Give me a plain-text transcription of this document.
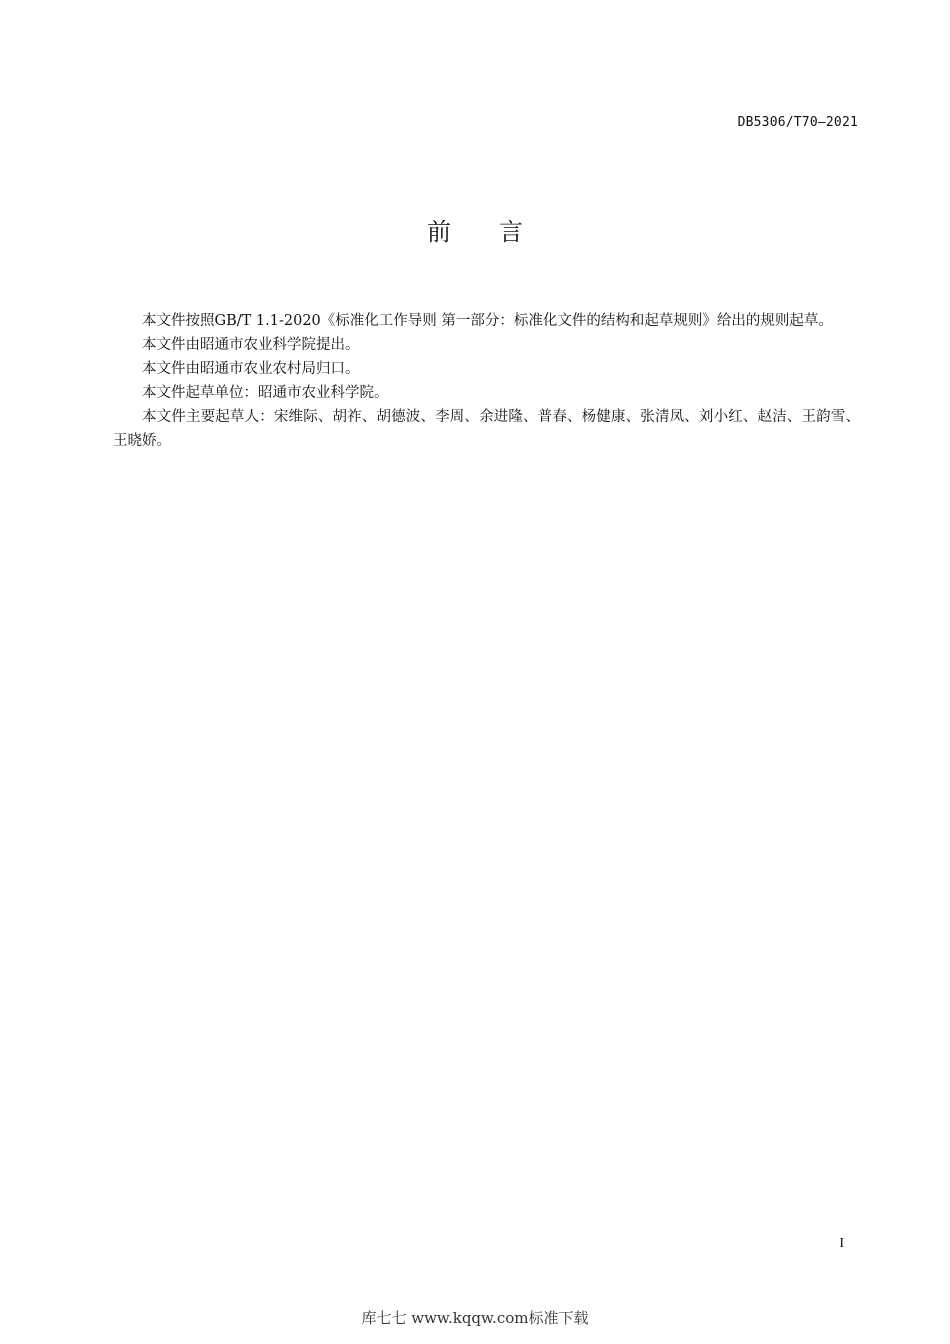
DB5306/T70—2021
前言

本文件按照GB/T 1.1-2020《标准化工作导则 第一部分：标准化文件的结构和起草规则》给出的规则起草。

本文件由昭通市农业科学院提出。

本文件由昭通市农业农村局归口。

本文件起草单位：昭通市农业科学院。

本文件主要起草人：宋维际、胡祚、胡德波、李周、余进隆、普春、杨健康、张清凤、刘小红、赵洁、王韵雪、王晓娇。

I
库七七 www.kqqw.com标准下载
